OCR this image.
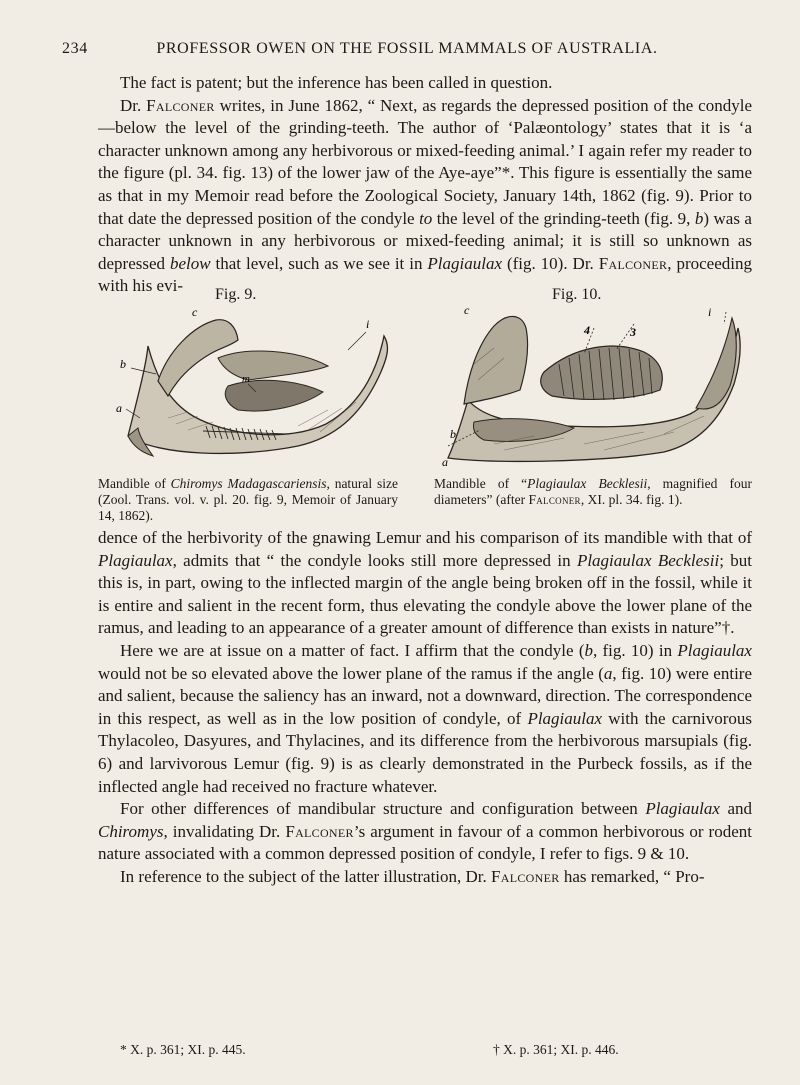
234	PROFESSOR OWEN ON THE FOSSIL MAMMALS OF AUSTRALIA.

The fact is patent; but the inference has been called in question.

Dr. Falconer writes, in June 1862, “ Next, as regards the depressed position of the condyle—below the level of the grinding-teeth. The author of ‘Palæontology’ states that it is ‘a character unknown among any herbivorous or mixed-feeding animal.’ I again refer my reader to the figure (pl. 34. fig. 13) of the lower jaw of the Aye-aye”*. This figure is essentially the same as that in my Memoir read before the Zoological Society, January 14th, 1862 (fig. 9). Prior to that date the depressed position of the condyle to the level of the grinding-teeth (fig. 9, b) was a character unknown in any herbivorous or mixed-feeding animal; it is still so unknown as depressed below that level, such as we see it in Plagiaulax (fig. 10). Dr. Falconer, proceeding with his evi-	Fig. 9.	Fig. 10.
c
b
m
i
a
c	i
4	3
b
a
Mandible of Chiromys Madagascariensis, natural size (Zool. Trans. vol. v. pl. 20. fig. 9, Memoir of January 14, 1862).
Mandible of “Plagiaulax Becklesii, magnified four diameters” (after Falconer, XI. pl. 34. fig. 1).

dence of the herbivority of the gnawing Lemur and his comparison of its mandible with that of Plagiaulax, admits that “ the condyle looks still more depressed in Plagiaulax Becklesii; but this is, in part, owing to the inflected margin of the angle being broken off in the fossil, while it is entire and salient in the recent form, thus elevating the condyle above the lower plane of the ramus, and leading to an appearance of a greater amount of difference than exists in nature”†.

Here we are at issue on a matter of fact. I affirm that the condyle (b, fig. 10) in Plagiaulax would not be so elevated above the lower plane of the ramus if the angle (a, fig. 10) were entire and salient, because the saliency has an inward, not a downward, direction. The correspondence in this respect, as well as in the low position of condyle, of Plagiaulax with the carnivorous Thylacoleo, Dasyures, and Thylacines, and its difference from the herbivorous marsupials (fig. 6) and larvivorous Lemur (fig. 9) is as clearly demonstrated in the Purbeck fossils, as if the inflected angle had received no fracture whatever.

For other differences of mandibular structure and configuration between Plagiaulax and Chiromys, invalidating Dr. Falconer’s argument in favour of a common herbivorous or rodent nature associated with a common depressed position of condyle, I refer to figs. 9 & 10.

In reference to the subject of the latter illustration, Dr. Falconer has remarked, “ Pro-

* X. p. 361; XI. p. 445.	† X. p. 361; XI. p. 446.
